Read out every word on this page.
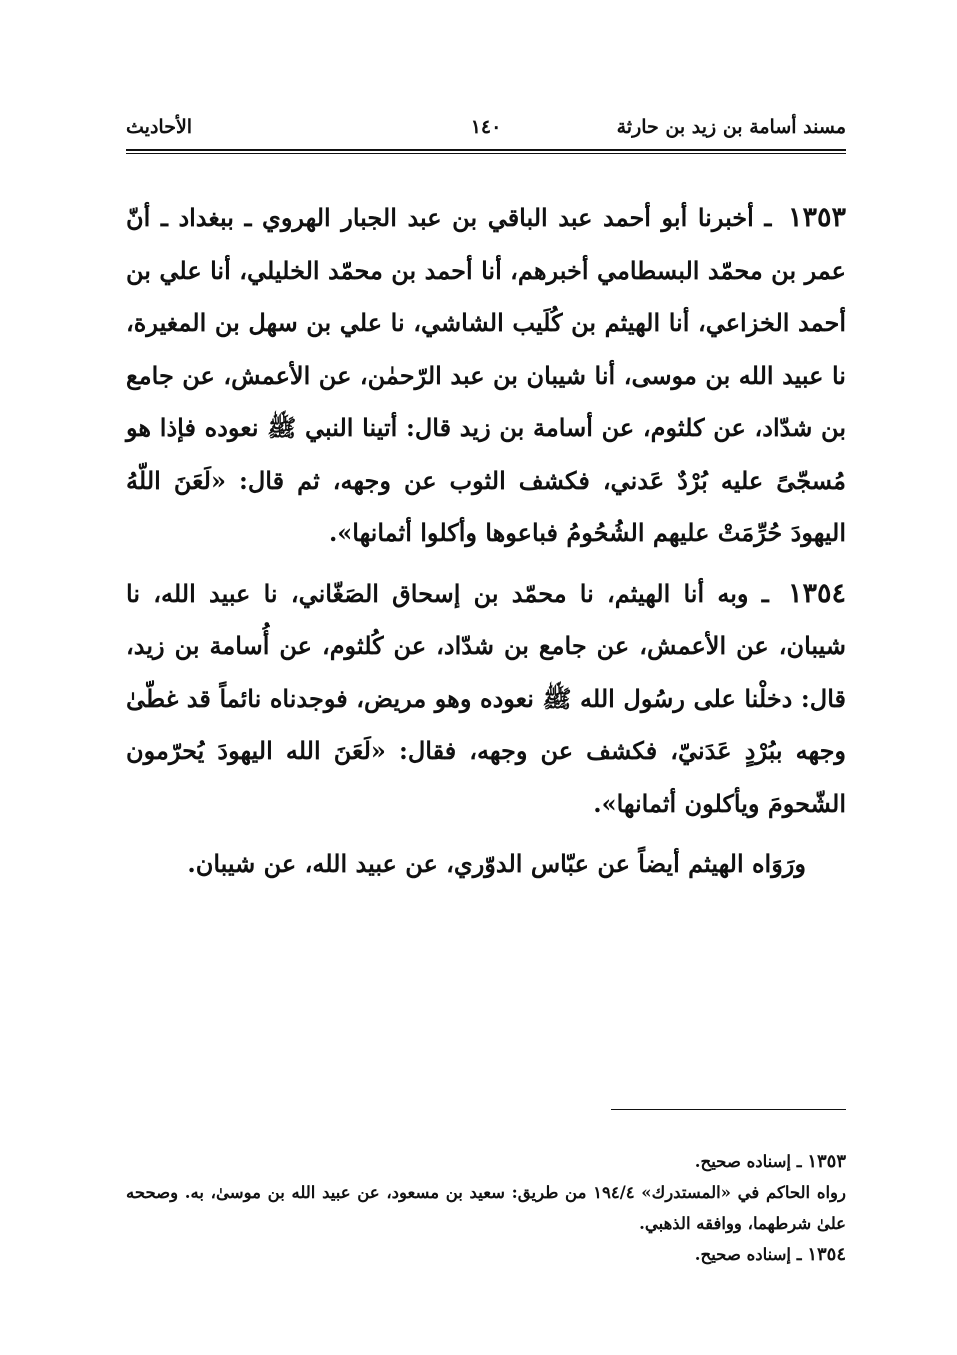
مسند أسامة بن زيد بن حارثة
١٤٠
الأحاديث

١٣٥٣ ـ أخبرنا أبو أحمد عبد الباقي بن عبد الجبار الهروي ـ ببغداد ـ أنّ عمر بن محمّد البسطامي أخبرهم، أنا أحمد بن محمّد الخليلي، أنا علي بن أحمد الخزاعي، أنا الهيثم بن كُلَيب الشاشي، نا علي بن سهل بن المغيرة، نا عبيد الله بن موسى، أنا شيبان بن عبد الرّحمٰن، عن الأعمش، عن جامع بن شدّاد، عن كلثوم، عن أسامة بن زيد قال: أتينا النبي ﷺ نعوده فإذا هو مُسجّىً عليه بُرْدٌ عَدني، فكشف الثوب عن وجهه، ثم قال: «لَعَنَ اللّهُ اليهودَ حُرِّمَتْ عليهم الشُحُومُ فباعوها وأكلوا أثمانها».

١٣٥٤ ـ وبه أنا الهيثم، نا محمّد بن إسحاق الصَغّاني، نا عبيد الله، نا شيبان، عن الأعمش، عن جامع بن شدّاد، عن كُلثوم، عن أُسامة بن زيد، قال: دخلْنا على رسُول الله ﷺ نعوده وهو مريض، فوجدناه نائماً قد غطّىٰ وجهه ببُرْدٍ عَدَنيّ، فكشف عن وجهه، فقال: «لَعَنَ الله اليهودَ يُحرّمون الشّحومَ ويأكلون أثمانها».

ورَوَاه الهيثم أيضاً عن عبّاس الدوّري، عن عبيد الله، عن شيبان.

١٣٥٣ ـ إسناده صحيح.

رواه الحاكم في «المستدرك» ١٩٤/٤ من طريق: سعيد بن مسعود، عن عبيد الله بن موسىٰ، به. وصححه علىٰ شرطهما، ووافقه الذهبي.

١٣٥٤ ـ إسناده صحيح.
